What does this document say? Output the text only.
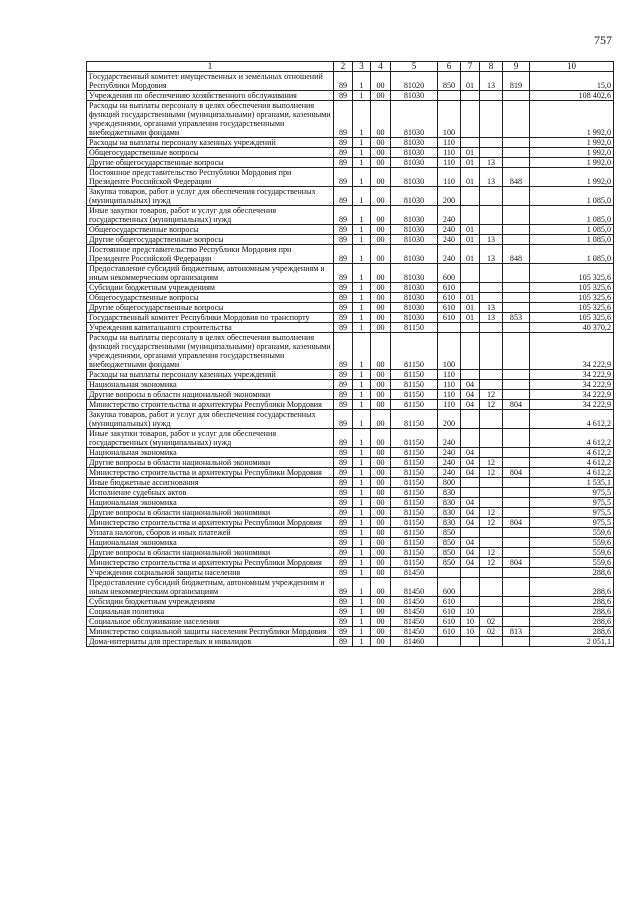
757
1	2	3	4	5	6	7	8	9	10
Государственный комитет имущественных и земельных отношений Республики Мордовия	89	1	00	81020	850	01	13	819	15,0
Учреждения по обеспечению хозяйственного обслуживания	89	1	00	81030					108 402,6
Расходы на выплаты персоналу в целях обеспечения выполнения функций государственными (муниципальными) органами, казенными учреждениями, органами управления государственными внебюджетными фондами	89	1	00	81030	100				1 992,0
Расходы на выплаты персоналу казенных учреждений	89	1	00	81030	110				1 992,0
Общегосударственные вопросы	89	1	00	81030	110	01			1 992,0
Другие общегосударственные вопросы	89	1	00	81030	110	01	13		1 992,0
Постоянное представительство Республики Мордовия при Президенте Российской Федерации	89	1	00	81030	110	01	13	848	1 992,0
Закупка товаров, работ и услуг для обеспечения государственных (муниципальных) нужд	89	1	00	81030	200				1 085,0
Иные закупки товаров, работ и услуг для обеспечения государственных (муниципальных) нужд	89	1	00	81030	240				1 085,0
Общегосударственные вопросы	89	1	00	81030	240	01			1 085,0
Другие общегосударственные вопросы	89	1	00	81030	240	01	13		1 085,0
Постоянное представительство Республики Мордовия при Президенте Российской Федерации	89	1	00	81030	240	01	13	848	1 085,0
Предоставление субсидий бюджетным, автономным учреждениям и иным некоммерческим организациям	89	1	00	81030	600				105 325,6
Субсидии бюджетным учреждениям	89	1	00	81030	610				105 325,6
Общегосударственные вопросы	89	1	00	81030	610	01			105 325,6
Другие общегосударственные вопросы	89	1	00	81030	610	01	13		105 325,6
Государственный комитет Республики Мордовия по транспорту	89	1	00	81030	610	01	13	853	105 325,6
Учреждения капитального строительства	89	1	00	81150					40 370,2
Расходы на выплаты персоналу в целях обеспечения выполнения функций государственными (муниципальными) органами, казенными учреждениями, органами управления государственными внебюджетными фондами	89	1	00	81150	100				34 222,9
Расходы на выплаты персоналу казенных учреждений	89	1	00	81150	110				34 222,9
Национальная экономика	89	1	00	81150	110	04			34 222,9
Другие вопросы в области национальной экономики	89	1	00	81150	110	04	12		34 222,9
Министерство строительства и архитектуры Республики Мордовия	89	1	00	81150	110	04	12	804	34 222,9
Закупка товаров, работ и услуг для обеспечения государственных (муниципальных) нужд	89	1	00	81150	200				4 612,2
Иные закупки товаров, работ и услуг для обеспечения государственных (муниципальных) нужд	89	1	00	81150	240				4 612,2
Национальная экономика	89	1	00	81150	240	04			4 612,2
Другие вопросы в области национальной экономики	89	1	00	81150	240	04	12		4 612,2
Министерство строительства и архитектуры Республики Мордовия	89	1	00	81150	240	04	12	804	4 612,2
Иные бюджетные ассигнования	89	1	00	81150	800				1 535,1
Исполнение судебных актов	89	1	00	81150	830				975,5
Национальная экономика	89	1	00	81150	830	04			975,5
Другие вопросы в области национальной экономики	89	1	00	81150	830	04	12		975,5
Министерство строительства и архитектуры Республики Мордовия	89	1	00	81150	830	04	12	804	975,5
Уплата налогов, сборов и иных платежей	89	1	00	81150	850				559,6
Национальная экономика	89	1	00	81150	850	04			559,6
Другие вопросы в области национальной экономики	89	1	00	81150	850	04	12		559,6
Министерство строительства и архитектуры Республики Мордовия	89	1	00	81150	850	04	12	804	559,6
Учреждения социальной защиты населения	89	1	00	81450					288,6
Предоставление субсидий бюджетным, автономным учреждениям и иным некоммерческим организациям	89	1	00	81450	600				288,6
Субсидии бюджетным учреждениям	89	1	00	81450	610				288,6
Социальная политика	89	1	00	81450	610	10			288,6
Социальное обслуживание населения	89	1	00	81450	610	10	02		288,6
Министерство социальной защиты населения Республики Мордовия	89	1	00	81450	610	10	02	813	288,6
Дома-интернаты для престарелых и инвалидов	89	1	00	81460					2 051,1
